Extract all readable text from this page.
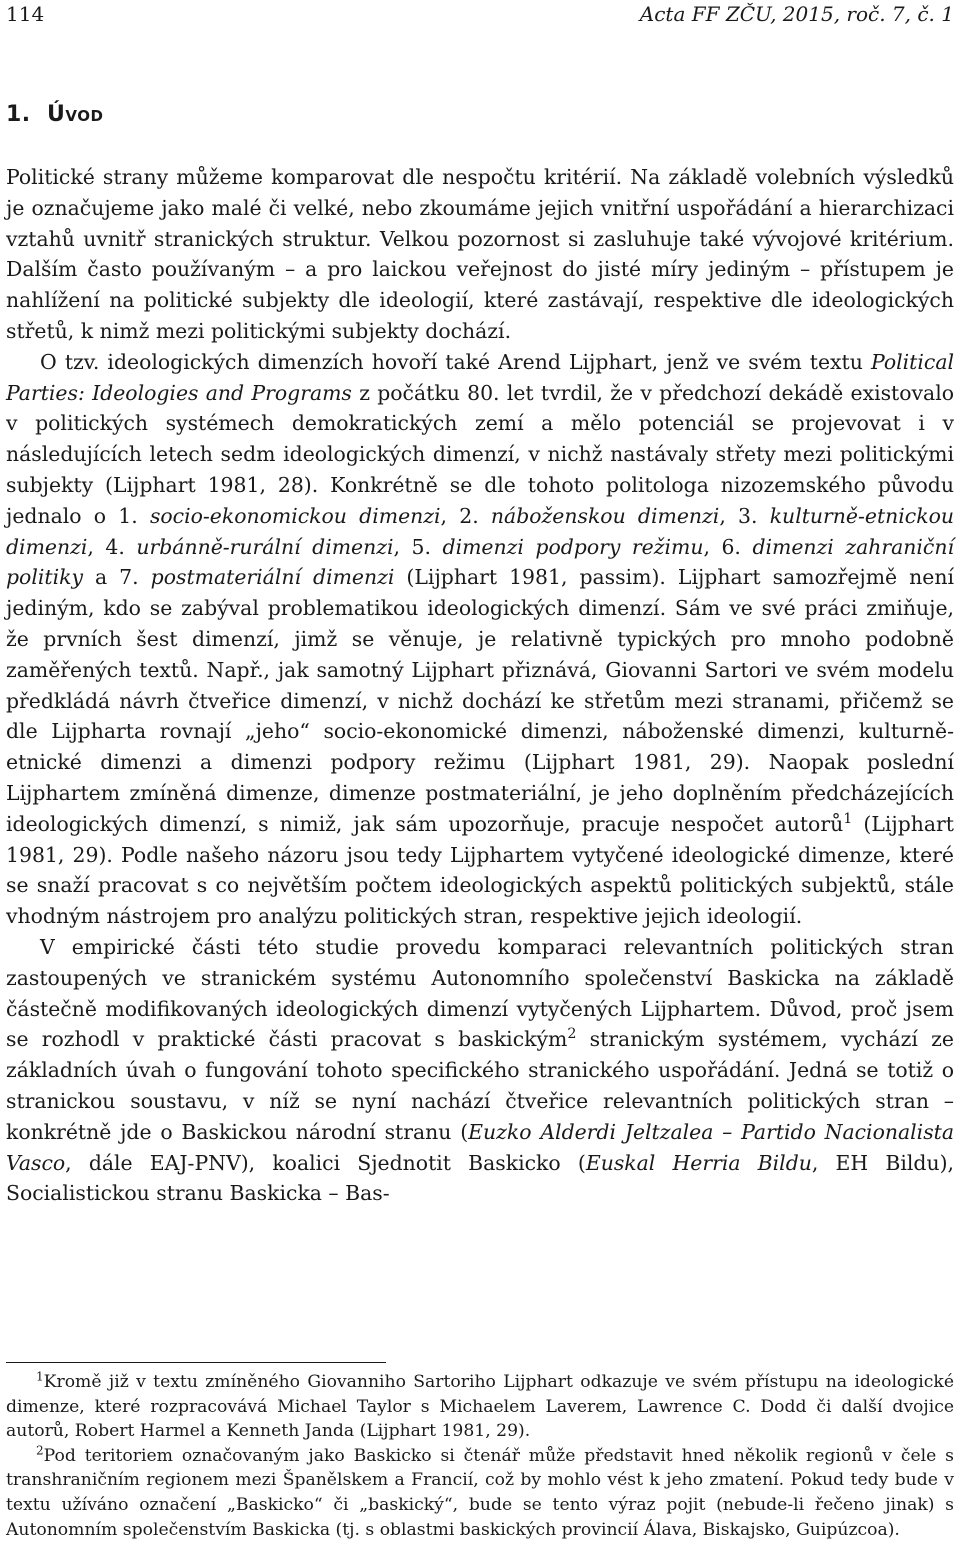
114	Acta FF ZČU, 2015, roč. 7, č. 1
1. Úvod

Politické strany můžeme komparovat dle nespočtu kritérií. Na základě volebních výsledků je označujeme jako malé či velké, nebo zkoumáme jejich vnitřní uspořádání a hierarchizaci vztahů uvnitř stranických struktur. Velkou pozornost si zasluhuje také vývojové kritérium. Dalším často používaným – a pro laickou veřejnost do jisté míry jediným – přístupem je nahlížení na politické subjekty dle ideologií, které zastávají, respektive dle ideologických střetů, k nimž mezi politickými subjekty dochází.

O tzv. ideologických dimenzích hovoří také Arend Lijphart, jenž ve svém textu Political Parties: Ideologies and Programs z počátku 80. let tvrdil, že v předchozí dekádě existovalo v politických systémech demokratických zemí a mělo potenciál se projevovat i v následujících letech sedm ideologických dimenzí, v nichž nastávaly střety mezi politickými subjekty (Lijphart 1981, 28). Konkrétně se dle tohoto politologa nizozemského původu jednalo o 1. socio-ekonomickou dimenzi, 2. náboženskou dimenzi, 3. kulturně-etnickou dimenzi, 4. urbánně-rurální dimenzi, 5. dimenzi podpory režimu, 6. dimenzi zahraniční politiky a 7. postmateriální dimenzi (Lijphart 1981, passim). Lijphart samozřejmě není jediným, kdo se zabýval problematikou ideologických dimenzí. Sám ve své práci zmiňuje, že prvních šest dimenzí, jimž se věnuje, je relativně typických pro mnoho podobně zaměřených textů. Např., jak samotný Lijphart přiznává, Giovanni Sartori ve svém modelu předkládá návrh čtveřice dimenzí, v nichž dochází ke střetům mezi stranami, přičemž se dle Lijpharta rovnají „jeho“ socio-ekonomické dimenzi, náboženské dimenzi, kulturně-etnické dimenzi a dimenzi podpory režimu (Lijphart 1981, 29). Naopak poslední Lijphartem zmíněná dimenze, dimenze postmateriální, je jeho doplněním předcházejících ideologických dimenzí, s nimiž, jak sám upozorňuje, pracuje nespočet autorů$^1$ (Lijphart 1981, 29). Podle našeho názoru jsou tedy Lijphartem vytyčené ideologické dimenze, které se snaží pracovat s co největším počtem ideologických aspektů politických subjektů, stále vhodným nástrojem pro analýzu politických stran, respektive jejich ideologií.

V empirické části této studie provedu komparaci relevantních politických stran zastoupených ve stranickém systému Autonomního společenství Baskicka na základě částečně modifikovaných ideologických dimenzí vytyčených Lijphartem. Důvod, proč jsem se rozhodl v praktické části pracovat s baskickým$^2$ stranickým systémem, vychází ze základních úvah o fungování tohoto specifického stranického uspořádání. Jedná se totiž o stranickou soustavu, v níž se nyní nachází čtveřice relevantních politických stran – konkrétně jde o Baskickou národní stranu (Euzko Alderdi Jeltzalea – Partido Nacionalista Vasco, dále EAJ-PNV), koalici Sjednotit Baskicko (Euskal Herria Bildu, EH Bildu), Socialistickou stranu Baskicka – Bas-

$^1$Kromě již v textu zmíněného Giovanniho Sartoriho Lijphart odkazuje ve svém přístupu na ideologické dimenze, které rozpracovává Michael Taylor s Michaelem Laverem, Lawrence C. Dodd či další dvojice autorů, Robert Harmel a Kenneth Janda (Lijphart 1981, 29).

$^2$Pod teritoriem označovaným jako Baskicko si čtenář může představit hned několik regionů v čele s transhraničním regionem mezi Španělskem a Francií, což by mohlo vést k jeho zmatení. Pokud tedy bude v textu užíváno označení „Baskicko“ či „baskický“, bude se tento výraz pojit (nebude-li řečeno jinak) s Autonomním společenstvím Baskicka (tj. s oblastmi baskických provincií Álava, Biskajsko, Guipúzcoa).
